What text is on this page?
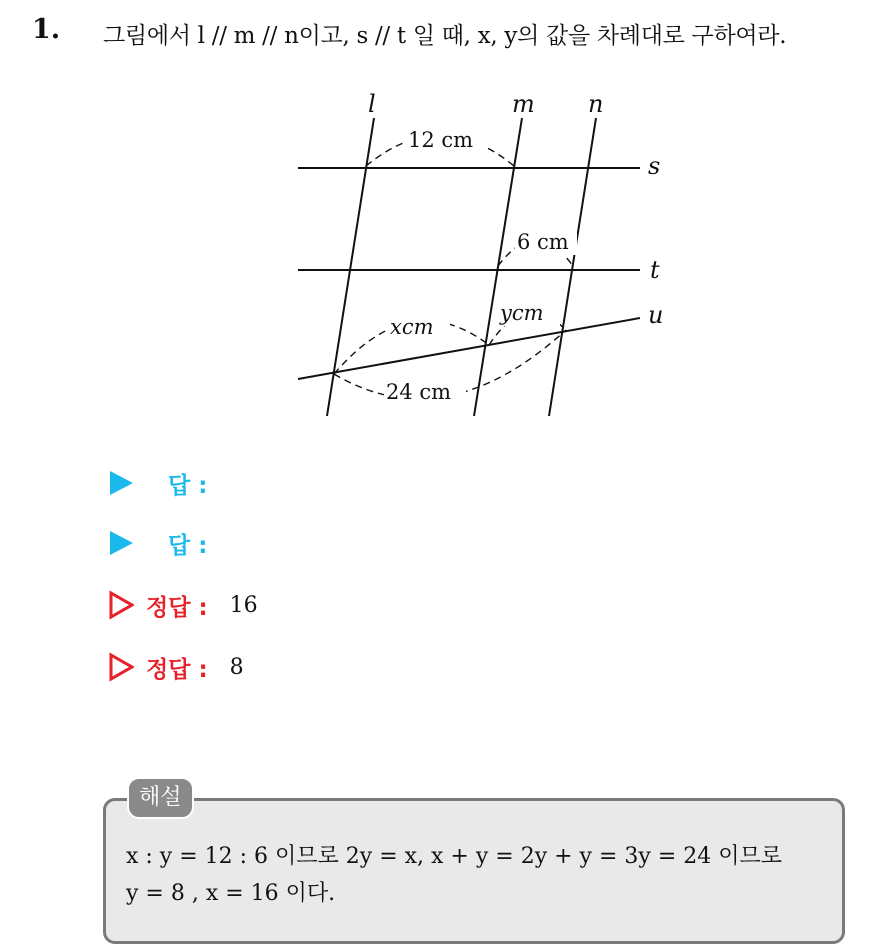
1. 그림에서 l // m // n이고, s // t 일 때, x, y의 값을 차례대로 구하여라.
l	m n
s
t
u
12 cm
6 cm
xcm
ycm
24 cm
답 :
답 :
정답 : 16
정답 : 8
해설
x : y = 12 : 6 이므로 2y = x, x + y = 2y + y = 3y = 24 이므로
y = 8 , x = 16 이다.
